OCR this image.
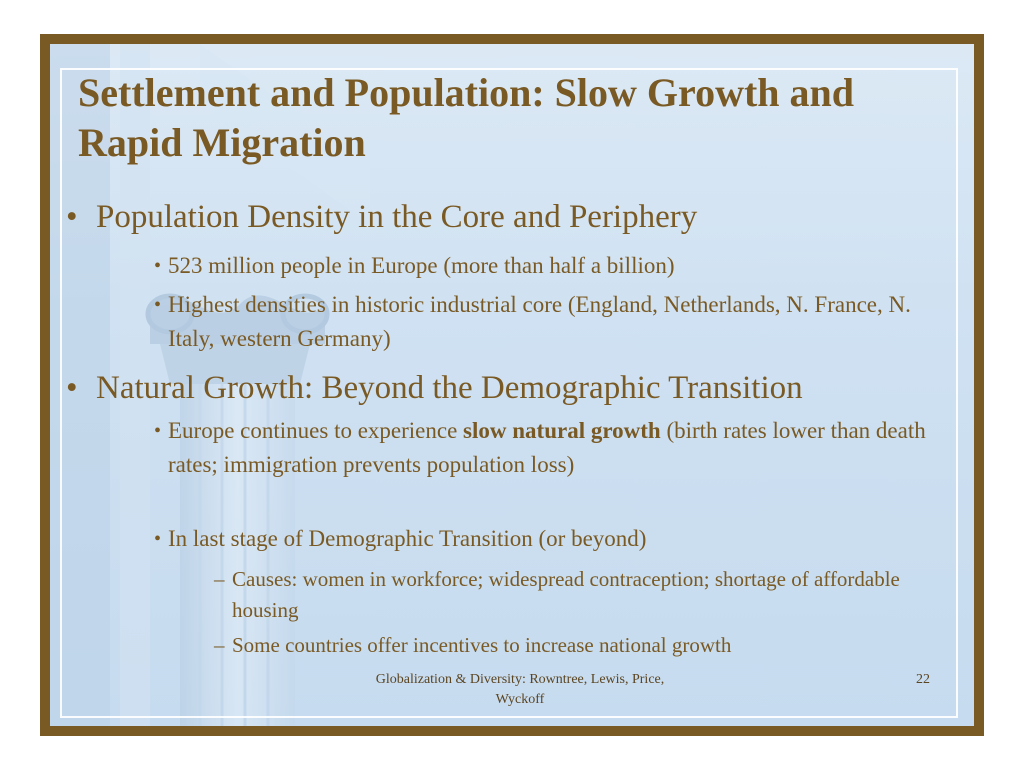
Settlement and Population: Slow Growth and Rapid Migration
• Population Density in the Core and Periphery
• 523 million people in Europe (more than half a billion)
• Highest densities in historic industrial core (England, Netherlands, N. France, N. Italy, western Germany)
• Natural Growth: Beyond the Demographic Transition
• Europe continues to experience slow natural growth (birth rates lower than death rates; immigration prevents population loss)
• In last stage of Demographic Transition (or beyond)
– Causes: women in workforce; widespread contraception; shortage of affordable housing
– Some countries offer incentives to increase national growth
Globalization & Diversity: Rowntree, Lewis, Price, Wyckoff
22
